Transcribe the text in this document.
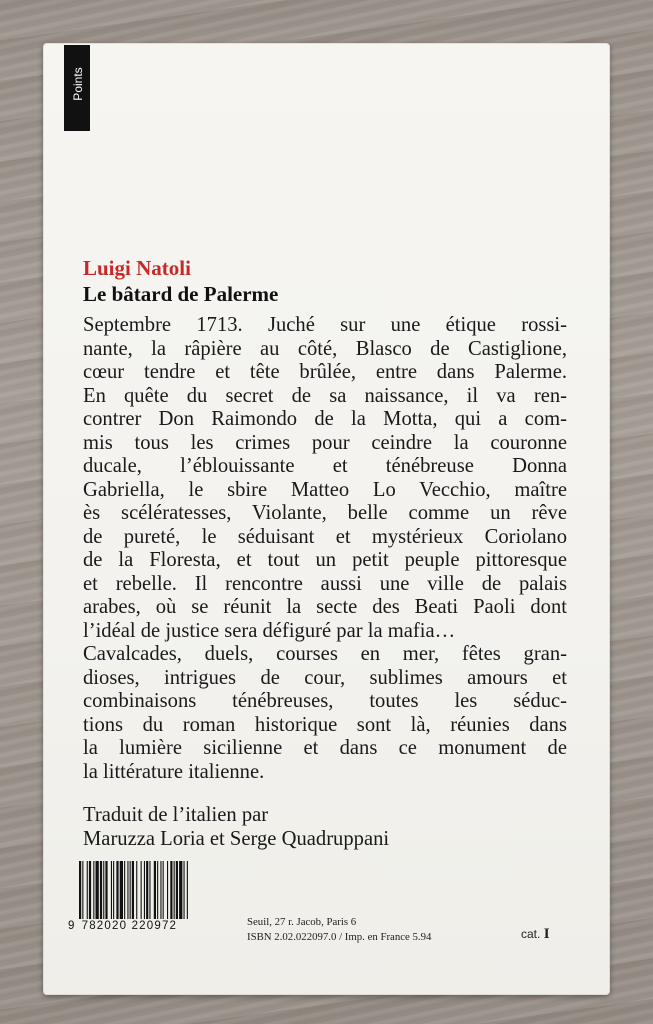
Points
Luigi Natoli
Le bâtard de Palerme
Septembre 1713. Juché sur une étique rossi-
nante, la râpière au côté, Blasco de Castiglione,
cœur tendre et tête brûlée, entre dans Palerme.
En quête du secret de sa naissance, il va ren-
contrer Don Raimondo de la Motta, qui a com-
mis tous les crimes pour ceindre la couronne
ducale, l’éblouissante et ténébreuse Donna
Gabriella, le sbire Matteo Lo Vecchio, maître
ès scélératesses, Violante, belle comme un rêve
de pureté, le séduisant et mystérieux Coriolano
de la Floresta, et tout un petit peuple pittoresque
et rebelle. Il rencontre aussi une ville de palais
arabes, où se réunit la secte des Beati Paoli dont
l’idéal de justice sera défiguré par la mafia…
Cavalcades, duels, courses en mer, fêtes gran-
dioses, intrigues de cour, sublimes amours et
combinaisons ténébreuses, toutes les séduc-
tions du roman historique sont là, réunies dans
la lumière sicilienne et dans ce monument de
la littérature italienne.
Traduit de l’italien par
Maruzza Loria et Serge Quadruppani
9 782020 220972	Seuil, 27 r. Jacob, Paris 6
ISBN 2.02.022097.0 / Imp. en France 5.94	cat. I
